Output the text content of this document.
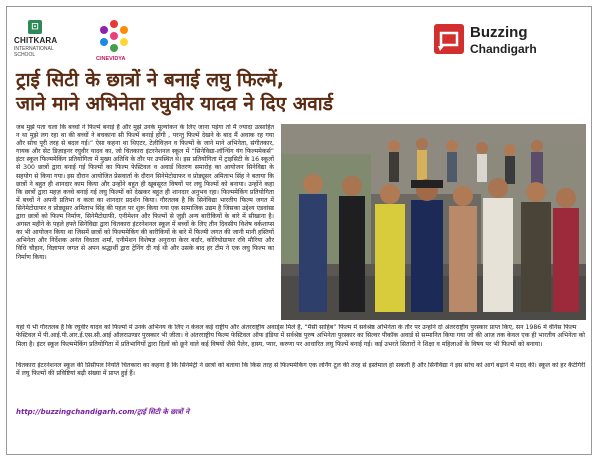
⊡
CHITKARA
INTERNATIONAL
SCHOOL
CINEVIDYA
Buzzing
Chandigarh
ट्राई सिटी के छात्रों ने बनाई लघु फिल्में,
जाने माने अभिनेता रघुवीर यादव ने दिए अवार्ड
जब मुझे पता चला कि बच्चों ने फिल्में बनाई हैं और मुझे उनके मूल्यांकन के लिए जाना पड़ेगा तो मैं ज्यादा उत्साहित न था मुझे लग रहा था की बच्चों ने बचकाना सी फिल्में बनाई होंगी , परन्तु फिल्में देखने के बाद मैं अवाक रह गया और सोच पूरी तरह से बदल गई।” ऐसा कहना था थिएटर, टेलीविज़न व फिल्मों के जाने माने अभिनेता, संगीतकार, गायक और सेट डिज़ाइनर रघुवीर यादव का, जो चितकारा इंटरनेशनल स्कूल में “सिनेविद्या-लॉन्चिंग यंग फिल्ममेकर्स” इंटर स्कूल फिल्ममेकिंग प्रतियोगिता में मुख्य अतिथि के तौर पर उपस्थित थे। इस प्रतियोगिता में ट्राइसिटी के 16 स्कूलों से 300 छात्रों द्वारा बनाई गई फिल्मों का फिल्म फेस्टिवल व अवार्ड वितरण समारोह का आयोजन सिनेविद्या के सहयोग से किया गया। इस दौरान आयोजित प्रेसवार्ता के दौरान सिनेमेटोग्राफर व प्रोड्यूसर अमिताभ सिंह ने बताया कि छात्रों ने बहुत ही शानदार काम किया और उन्होंने बहुत ही खूबसूरत विषयों पर लघु फिल्मों को बनाया। उन्होंने कहा कि छात्रों द्वारा महज़ कच्चे बनाई गई लघु फिल्मों को देखकर बहुत ही शानदार अनुभव रहा। फिल्ममेकिंग प्रतियोगिता में बच्चों ने अपनी प्रतिभा व कला का शानदार प्रदर्शन किया। गौरतलब है कि सिनेविद्या भारतीय फिल्म जगत में सिनेमेटोग्राफर व प्रोड्यूसर अमिताभ सिंह की पहल पर शुरू किया गया एक सामाजिक उद्यम है जिसका उद्देश्य एडवांस्ड द्वारा छात्रों को फिल्म निर्माण, सिनेमैटोग्राफी, एनीमेशन और फिल्मों से जुड़ी अन्य बारीकियों के बारे में सीखाना है। अगस्त महीने के पहले हफ्ते सिनेविद्या द्वारा चितकारा इंटरनेशनल स्कूल में बच्चों के लिए तीन दिवसीय विशेष वर्कशाप्स का भी आयोजन किया था जिसमें छात्रों को फिल्ममेकिंग की बारीकियों के बारे में फिल्मी जगत की जानी मानी हस्तियों अभिनेता और निर्देशक अनंत विधाता शर्मा, एनीमेशन विशेषज्ञ अनुराधा केरर बर्दार, कोरियोग्राफर रवि मौरिया और विधि चौहान, विज्ञापन जगत से अपन श्रद्धार्थी द्वारा ट्रेनिंग दी गई थी और उसके बाद हर टीम ने एक लघु फिल्म का निर्माण किया।
यहां ये भी गौरतलब है कि रघुवीर यादव को फिल्मों में उनके अभिनय के लिए न केवल कई राष्ट्रीय और अंतरराष्ट्रीय अवार्ड्स मिले हैं, “मैसी साहिब” फिल्म में सर्वश्रेष्ठ अभिनेता के तौर पर उन्होंने दो अंतरराष्ट्रीय पुरस्कार प्राप्त किए, सन 1986 में वेनिस फिल्म फेस्टिवल में पी.आई.पी.आर.ई.एस.सी.आई ऑलराउण्डर पुरस्कार भी जीता। वे अंतरराष्ट्रीय फिल्म फेस्टिवल ऑफ इंडिया में सर्वश्रेष्ठ पुरुष अभिनेता पुरस्कार का सिल्वर पीकॉक अवार्ड से सम्मानित किया गया जो की आज तक केवल एक ही भारतीय अभिनेता को मिला है। इंटर स्कूल फिल्ममेकिंग प्रतियोगिता में प्रतिभागियों द्वारा दिलों को छूने वाले कई विषयों जैसे पैलेर, हास्य, प्यार, करुणा पर आधारित लघु फिल्में बनाई गई। कई उभरते सितारों ने शिक्षा व महिलाओं के विषय पर भी फिल्मों को बनाया।
चितकारा इंटरनेशनल स्कूल की प्रिंसीपल नियति चितकारा का कहना है कि सिनेमेट्री ने छात्रों को बताया कि किस तरह से फिल्ममेकिंग एक लर्निंग टूल की तरह से इस्तेमाल हो सकती है और सिनेविद्या ने इस सोच को आगे बढ़ाने में मदद की। स्कूल को हर कैटेगिरी में लघु फिल्मों की प्रविष्टियां बढ़ी संख्या में प्राप्त हुई हैं।
http://buzzingchandigarh.com/ट्राई सिटी के छात्रों ने
